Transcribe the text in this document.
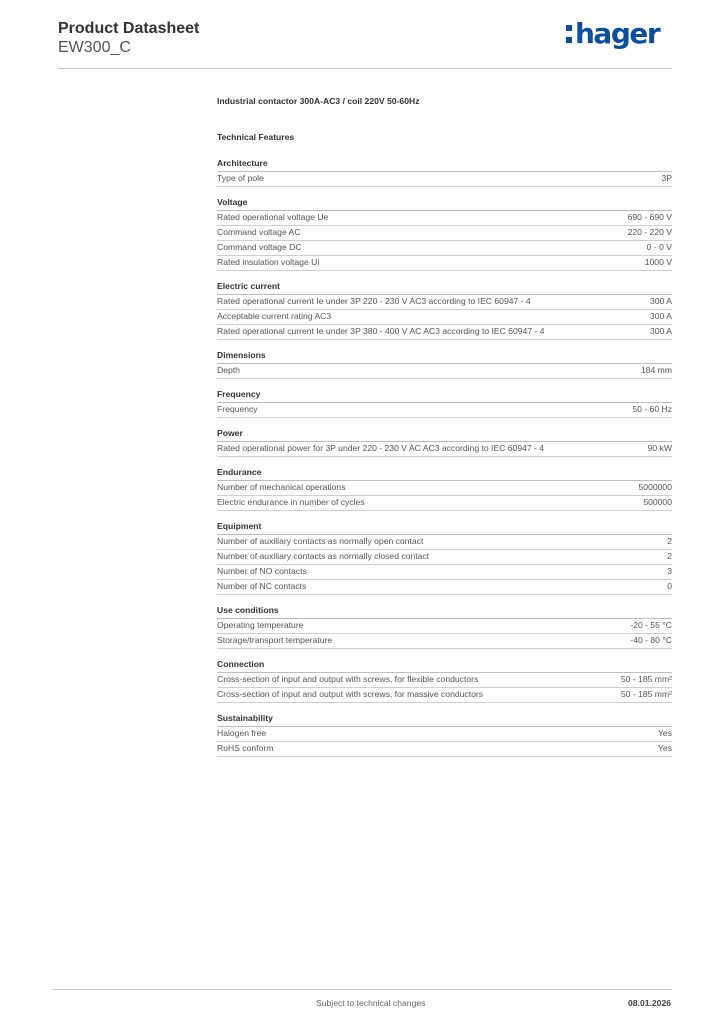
Product Datasheet
EW300_C	hager
Industrial contactor 300A-AC3 / coil 220V 50-60Hz
Technical Features
Architecture
Type of pole	3P
Voltage
Rated operational voltage Ue	690 - 690 V
Command voltage AC	220 - 220 V
Command voltage DC	0 - 0 V
Rated insulation voltage Ui	1000 V
Electric current
Rated operational current Ie under 3P 220 - 230 V AC3 according to IEC 60947 - 4	300 A
Acceptable current rating AC3	300 A
Rated operational current Ie under 3P 380 - 400 V AC AC3 according to IEC 60947 - 4	300 A
Dimensions
Depth	184 mm
Frequency
Frequency	50 - 60 Hz
Power
Rated operational power for 3P under 220 - 230 V AC AC3 according to IEC 60947 - 4	90 kW
Endurance
Number of mechanical operations	5000000
Electric endurance in number of cycles	500000
Equipment
Number of auxiliary contacts as normally open contact	2
Number of auxiliary contacts as normally closed contact	2
Number of NO contacts	3
Number of NC contacts	0
Use conditions
Operating temperature	-20 - 55 °C
Storage/transport temperature	-40 - 80 °C
Connection
Cross-section of input and output with screws, for flexible conductors	50 - 185 mm²
Cross-section of input and output with screws, for massive conductors	50 - 185 mm²
Sustainability
Halogen free	Yes
RoHS conform	Yes
Subject to technical changes	08.01.2026
